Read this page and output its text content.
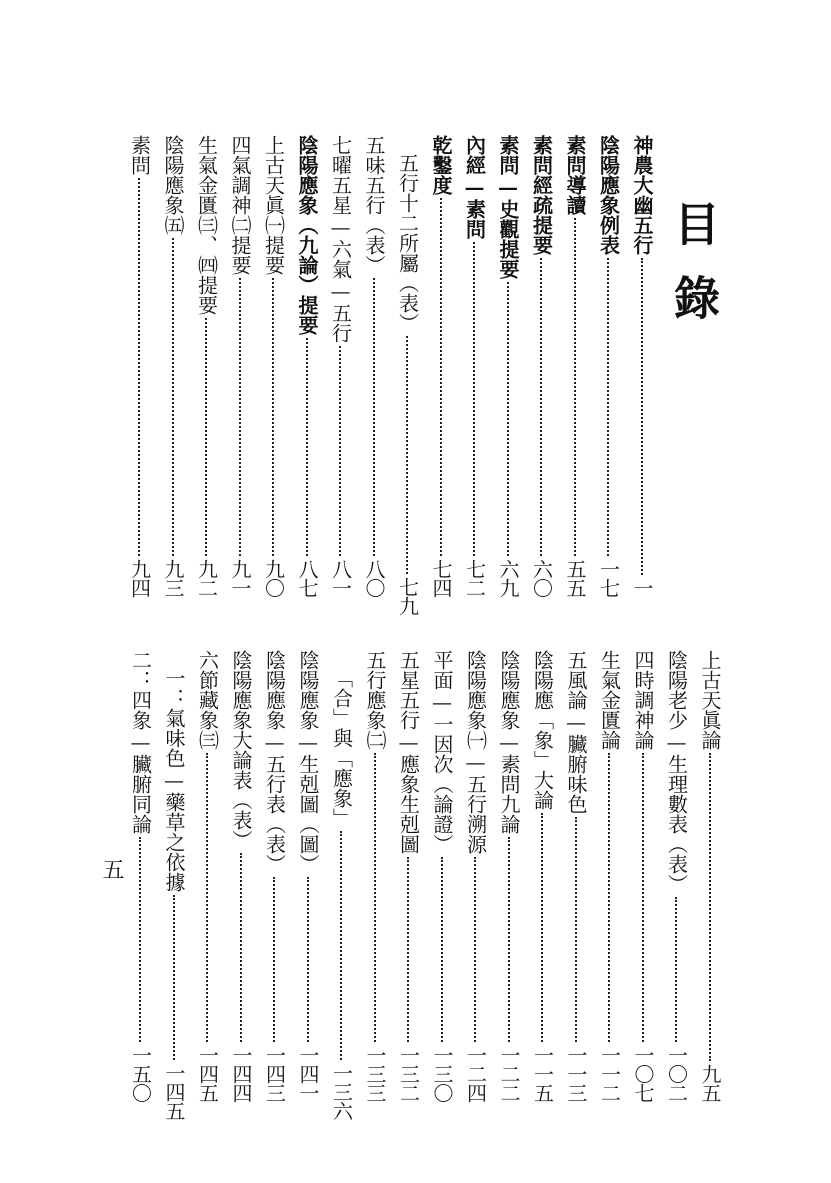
目錄
神農大幽五行
一
陰陽應象例表
一七
素問導讀
五五
素問經疏提要
六〇
素問—史觀提要
六九
內經—素問
七二
乾鑿度
七四
五行十二所屬（表）
七九
五味五行（表）
八〇
七曜五星—六氣—五行
八一
陰陽應象（九論）提要
八七
上古天眞㈠提要
九〇
四氣調神㈡提要
九一
生氣金匱㈢、㈣提要
九二
陰陽應象㈤
九三
素問
九四
上古天眞論
九五
陰陽老少—生理數表（表）
一〇二
四時調神論
一〇七
生氣金匱論
一一二
五風論—臟腑味色
一一三
陰陽應「象」大論
一一五
陰陽應象—素問九論
一二二
陰陽應象㈠—五行溯源
一二四
平面—一因次（論證）
一三〇
五星五行—應象生剋圖
一三二
五行應象㈡
一三三
「合」與「應象」
一三六
陰陽應象—生剋圖（圖）
一四一
陰陽應象—五行表（表）
一四三
陰陽應象大論表（表）
一四四
六節藏象㈢
一四五
一：氣味色—藥草之依據
一四五
二：四象—臟腑同論
一五〇
五
